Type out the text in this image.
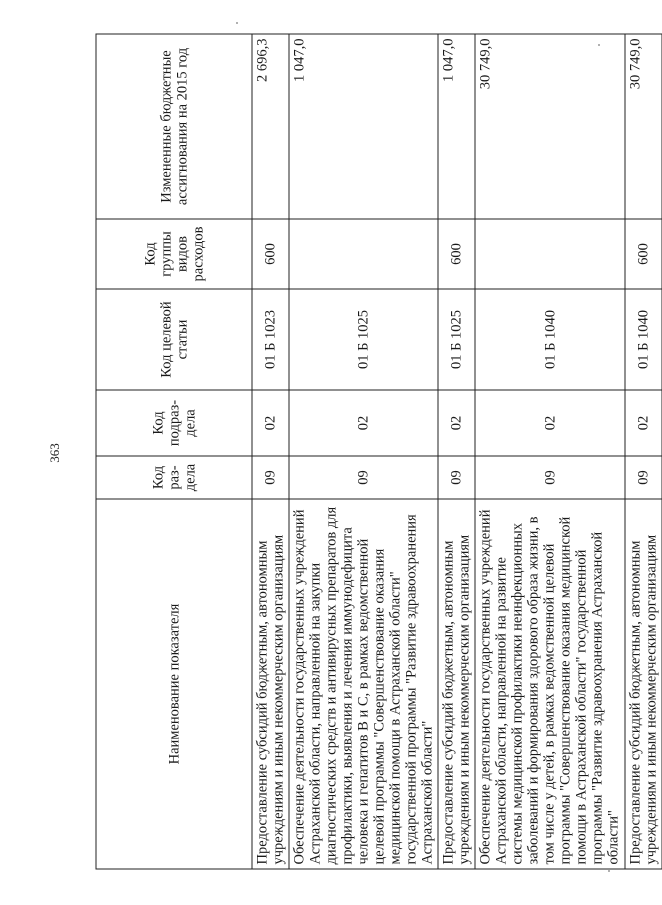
363
Наименование показателя	Код раз-дела	Код подраз-дела	Код целевой статьи	Код группы видов расходов	Измененные бюджетные ассигнования на 2015 год
Предоставление субсидий бюджетным, автономным учреждениям и иным некоммерческим организациям	09	02	01 Б 1023	600	2 696,3
Обеспечение деятельности государственных учреждений Астраханской области, направленной на закупки диагностических средств и антивирусных препаратов для профилактики, выявления и лечения иммунодефицита человека и гепатитов В и С, в рамках ведомственной целевой программы "Совершенствование оказания медицинской помощи в Астраханской области" государственной программы "Развитие здравоохранения Астраханской области"	09	02	01 Б 1025		1 047,0
Предоставление субсидий бюджетным, автономным учреждениям и иным некоммерческим организациям	09	02	01 Б 1025	600	1 047,0
Обеспечение деятельности государственных учреждений Астраханской области, направленной на развитие системы медицинской профилактики неинфекционных заболеваний и формирования здорового образа жизни, в том числе у детей, в рамках ведомственной целевой программы "Совершенствование оказания медицинской помощи в Астраханской области" государственной программы "Развитие здравоохранения Астраханской области"	09	02	01 Б 1040		30 749,0
Предоставление субсидий бюджетным, автономным учреждениям и иным некоммерческим организациям	09	02	01 Б 1040	600	30 749,0
